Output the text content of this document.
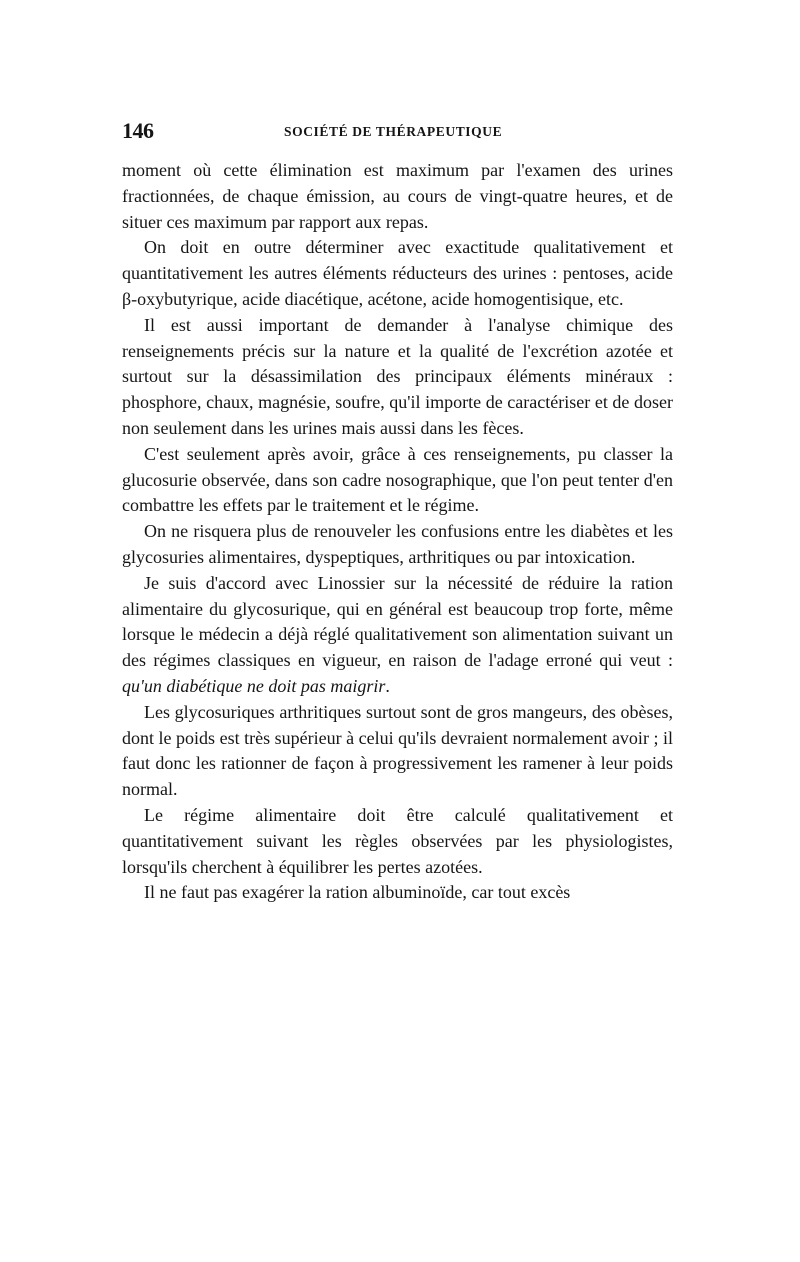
146	SOCIÉTÉ DE THÉRAPEUTIQUE

moment où cette élimination est maximum par l'examen des urines fractionnées, de chaque émission, au cours de vingt-quatre heures, et de situer ces maximum par rapport aux repas.

On doit en outre déterminer avec exactitude qualitativement et quantitativement les autres éléments réducteurs des urines : pentoses, acide β-oxybutyrique, acide diacétique, acétone, acide homogentisique, etc.

Il est aussi important de demander à l'analyse chimique des renseignements précis sur la nature et la qualité de l'excrétion azotée et surtout sur la désassimilation des principaux éléments minéraux : phosphore, chaux, magnésie, soufre, qu'il importe de caractériser et de doser non seulement dans les urines mais aussi dans les fèces.

C'est seulement après avoir, grâce à ces renseignements, pu classer la glucosurie observée, dans son cadre nosographique, que l'on peut tenter d'en combattre les effets par le traitement et le régime.

On ne risquera plus de renouveler les confusions entre les diabètes et les glycosuries alimentaires, dyspeptiques, arthritiques ou par intoxication.

Je suis d'accord avec Linossier sur la nécessité de réduire la ration alimentaire du glycosurique, qui en général est beaucoup trop forte, même lorsque le médecin a déjà réglé qualitativement son alimentation suivant un des régimes classiques en vigueur, en raison de l'adage erroné qui veut : qu'un diabétique ne doit pas maigrir.

Les glycosuriques arthritiques surtout sont de gros mangeurs, des obèses, dont le poids est très supérieur à celui qu'ils devraient normalement avoir ; il faut donc les rationner de façon à progressivement les ramener à leur poids normal.

Le régime alimentaire doit être calculé qualitativement et quantitativement suivant les règles observées par les physiologistes, lorsqu'ils cherchent à équilibrer les pertes azotées.

Il ne faut pas exagérer la ration albuminoïde, car tout excès
